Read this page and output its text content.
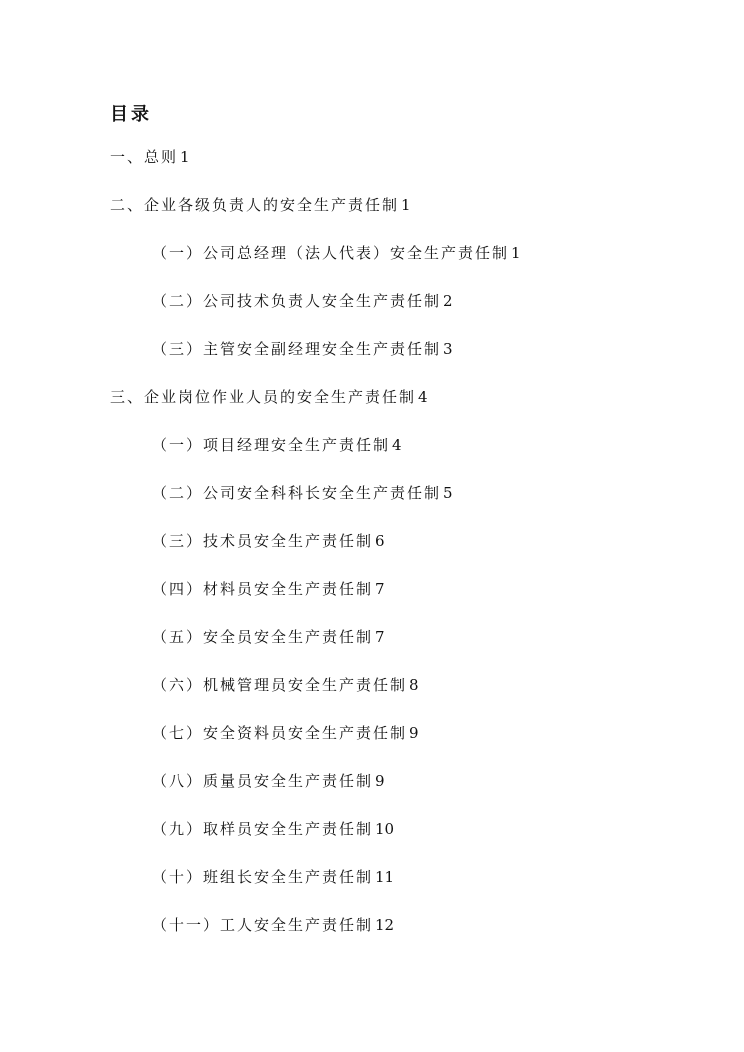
目录
一、总则 1
二、企业各级负责人的安全生产责任制 1
（一）公司总经理（法人代表）安全生产责任制 1
（二）公司技术负责人安全生产责任制 2
（三）主管安全副经理安全生产责任制 3
三、企业岗位作业人员的安全生产责任制 4
（一）项目经理安全生产责任制 4
（二）公司安全科科长安全生产责任制 5
（三）技术员安全生产责任制 6
（四）材料员安全生产责任制 7
（五）安全员安全生产责任制 7
（六）机械管理员安全生产责任制 8
（七）安全资料员安全生产责任制 9
（八）质量员安全生产责任制 9
（九）取样员安全生产责任制 10
（十）班组长安全生产责任制 11
（十一）工人安全生产责任制 12
